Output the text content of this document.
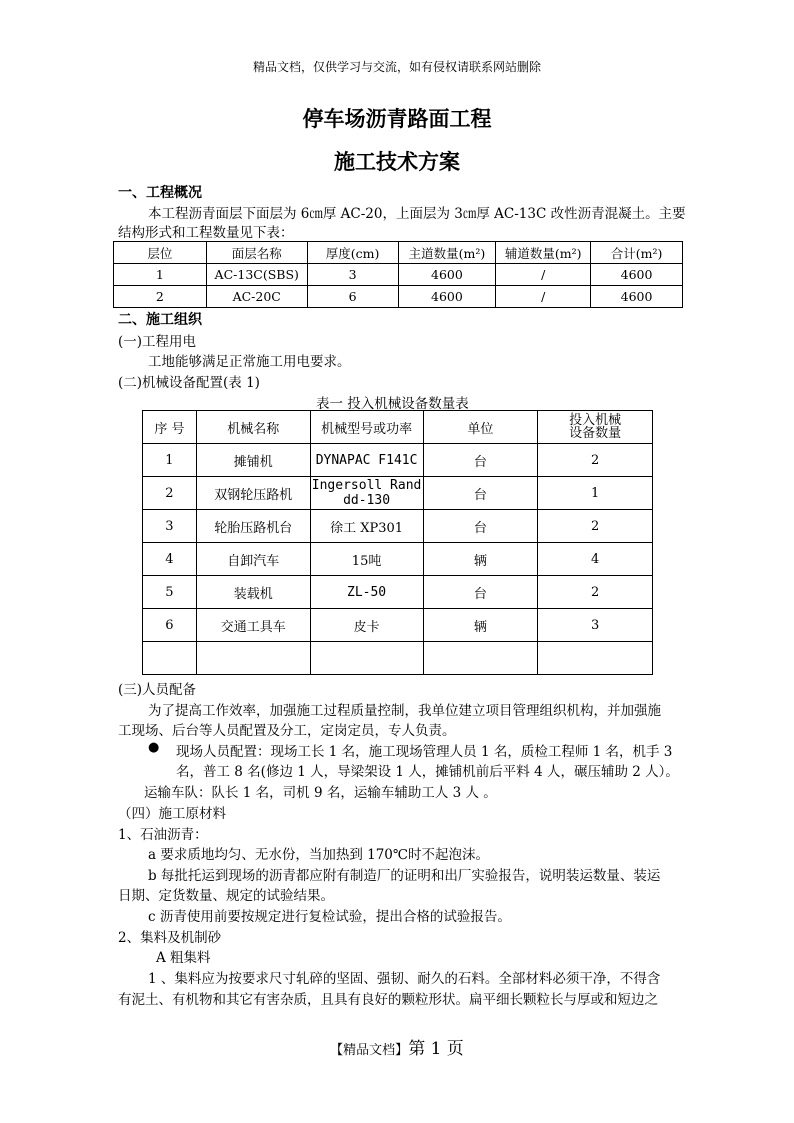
精品文档，仅供学习与交流，如有侵权请联系网站删除
停车场沥青路面工程
施工技术方案
一、工程概况
本工程沥青面层下面层为 6㎝厚 AC-20，上面层为 3㎝厚 AC-13C 改性沥青混凝土。主要
结构形式和工程数量见下表：
层位	面层名称	厚度(cm)	主道数量(m²)	辅道数量(m²)	合计(m²)
1	AC-13C(SBS)	3	4600	/	4600
2	AC-20C	6	4600	/	4600
二、施工组织
(一)工程用电
工地能够满足正常施工用电要求。
(二)机械设备配置(表 1)
表一 投入机械设备数量表
序 号	机械名称	机械型号或功率	单位	投入机械
设备数量
1	摊铺机	DYNAPAC F141C	台	2
2	双钢轮压路机	Ingersoll Rand
dd-130	台	1
3	轮胎压路机台	徐工 XP301	台	2
4	自卸汽车	15吨	辆	4
5	装载机	ZL-50	台	2
6	交通工具车	皮卡	辆	3

(三)人员配备
为了提高工作效率，加强施工过程质量控制，我单位建立项目管理组织机构，并加强施
工现场、后台等人员配置及分工，定岗定员，专人负责。
● 现场人员配置：现场工长 1 名，施工现场管理人员 1 名，质检工程师 1 名，机手 3
名，普工 8 名(修边 1 人，导梁架设 1 人，摊铺机前后平料 4 人，碾压辅助 2 人）。
运输车队：队长 1 名，司机 9 名，运输车辅助工人 3 人 。
（四）施工原材料
1、石油沥青：
a 要求质地均匀、无水份，当加热到 170℃时不起泡沫。
b 每批托运到现场的沥青都应附有制造厂的证明和出厂实验报告，说明装运数量、装运
日期、定货数量、规定的试验结果。
c 沥青使用前要按规定进行复检试验，提出合格的试验报告。
2、集料及机制砂
A 粗集料
1 、集料应为按要求尺寸轧碎的坚固、强韧、耐久的石料。全部材料必须干净，不得含
有泥土、有机物和其它有害杂质，且具有良好的颗粒形状。扁平细长颗粒长与厚或和短边之
【精品文档】第 1 页
